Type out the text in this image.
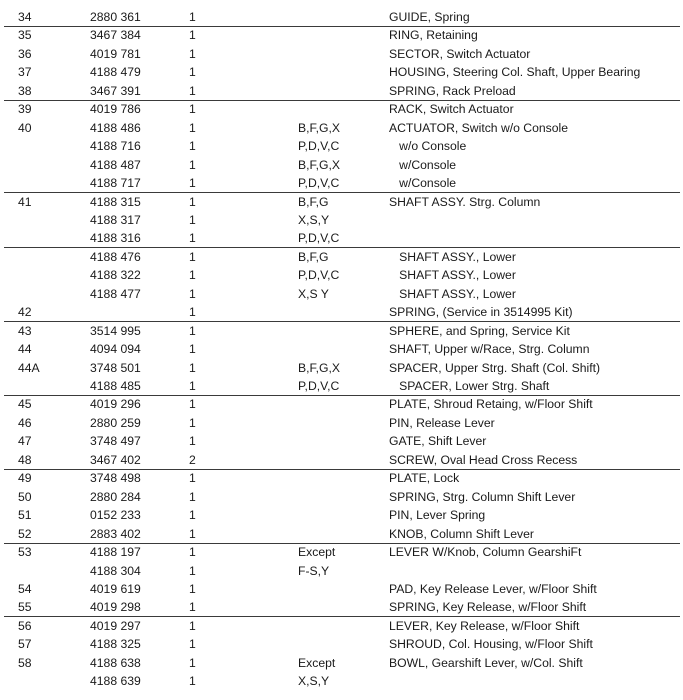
34	2880 361	1	GUIDE, Spring
35	3467 384	1	RING, Retaining
36	4019 781	1	SECTOR, Switch Actuator
37	4188 479	1	HOUSING, Steering Col. Shaft, Upper Bearing
38	3467 391	1	SPRING, Rack Preload
39	4019 786	1	RACK, Switch Actuator
40	4188 486	1	B,F,G,X	ACTUATOR, Switch w/o Console
4188 716	1	P,D,V,C	w/o Console
4188 487	1	B,F,G,X	w/Console
4188 717	1	P,D,V,C	w/Console
41	4188 315	1	B,F,G	SHAFT ASSY. Strg. Column
4188 317	1	X,S,Y
4188 316	1	P,D,V,C
4188 476	1	B,F,G	SHAFT ASSY., Lower
4188 322	1	P,D,V,C	SHAFT ASSY., Lower
4188 477	1	X,S Y	SHAFT ASSY., Lower
42	1	SPRING, (Service in 3514995 Kit)
43	3514 995	1	SPHERE, and Spring, Service Kit
44	4094 094	1	SHAFT, Upper w/Race, Strg. Column
44A	3748 501	1	B,F,G,X	SPACER, Upper Strg. Shaft (Col. Shift)
4188 485	1	P,D,V,C	SPACER, Lower Strg. Shaft
45	4019 296	1	PLATE, Shroud Retaing, w/Floor Shift
46	2880 259	1	PIN, Release Lever
47	3748 497	1	GATE, Shift Lever
48	3467 402	2	SCREW, Oval Head Cross Recess
49	3748 498	1	PLATE, Lock
50	2880 284	1	SPRING, Strg. Column Shift Lever
51	0152 233	1	PIN, Lever Spring
52	2883 402	1	KNOB, Column Shift Lever
53	4188 197	1	Except	LEVER W/Knob, Column GearshiFt
4188 304	1	F-S,Y
54	4019 619	1	PAD, Key Release Lever, w/Floor Shift
55	4019 298	1	SPRING, Key Release, w/Floor Shift
56	4019 297	1	LEVER, Key Release, w/Floor Shift
57	4188 325	1	SHROUD, Col. Housing, w/Floor Shift
58	4188 638	1	Except	BOWL, Gearshift Lever, w/Col. Shift
4188 639	1	X,S,Y
